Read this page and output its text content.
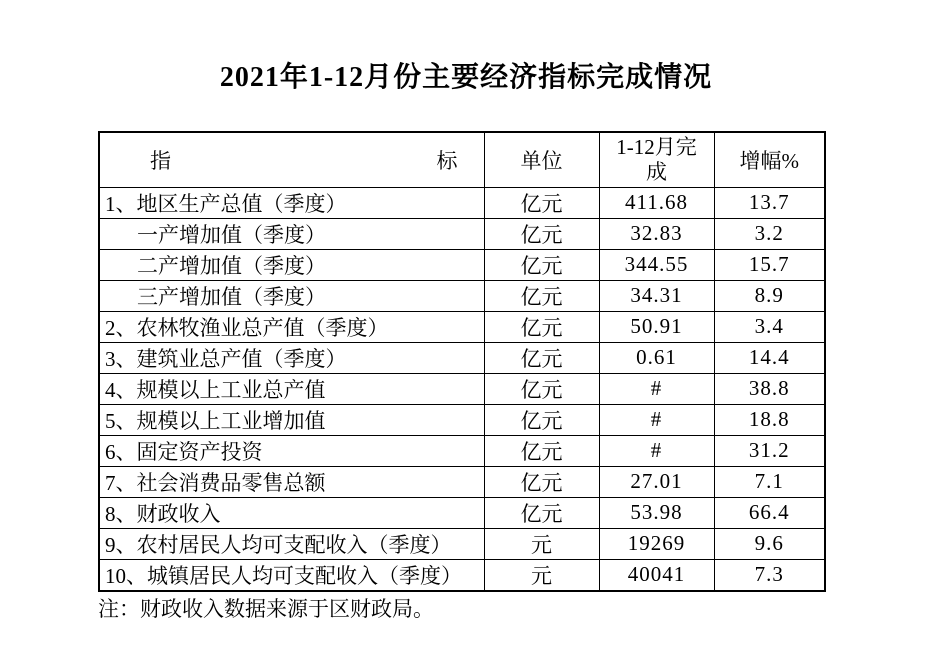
2021年1-12月份主要经济指标完成情况
指 标	单位	1-12月完成	增幅%
1、地区生产总值（季度）	亿元	411.68	13.7
一产增加值（季度）	亿元	32.83	3.2
二产增加值（季度）	亿元	344.55	15.7
三产增加值（季度）	亿元	34.31	8.9
2、农林牧渔业总产值（季度）	亿元	50.91	3.4
3、建筑业总产值（季度）	亿元	0.61	14.4
4、规模以上工业总产值	亿元	#	38.8
5、规模以上工业增加值	亿元	#	18.8
6、固定资产投资	亿元	#	31.2
7、社会消费品零售总额	亿元	27.01	7.1
8、财政收入	亿元	53.98	66.4
9、农村居民人均可支配收入（季度）	元	19269	9.6
10、城镇居民人均可支配收入（季度）	元	40041	7.3

注：财政收入数据来源于区财政局。
